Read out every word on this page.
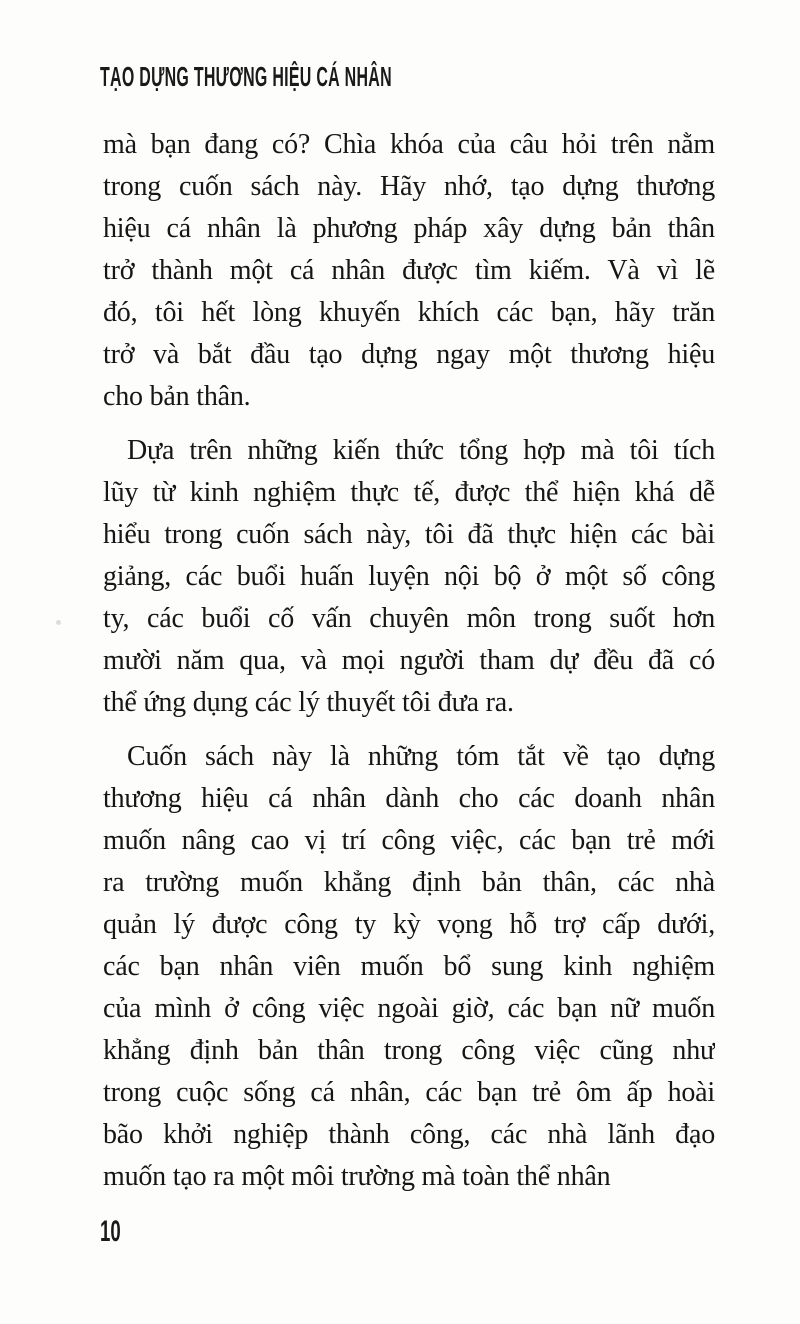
TẠO DỰNG THƯƠNG HIỆU CÁ NHÂN
mà bạn đang có? Chìa khóa của câu hỏi trên nằm
trong cuốn sách này. Hãy nhớ, tạo dựng thương
hiệu cá nhân là phương pháp xây dựng bản thân
trở thành một cá nhân được tìm kiếm. Và vì lẽ
đó, tôi hết lòng khuyến khích các bạn, hãy trăn
trở và bắt đầu tạo dựng ngay một thương hiệu
cho bản thân.
Dựa trên những kiến thức tổng hợp mà tôi tích
lũy từ kinh nghiệm thực tế, được thể hiện khá dễ
hiểu trong cuốn sách này, tôi đã thực hiện các bài
giảng, các buổi huấn luyện nội bộ ở một số công
ty, các buổi cố vấn chuyên môn trong suốt hơn
mười năm qua, và mọi người tham dự đều đã có
thể ứng dụng các lý thuyết tôi đưa ra.
Cuốn sách này là những tóm tắt về tạo dựng
thương hiệu cá nhân dành cho các doanh nhân
muốn nâng cao vị trí công việc, các bạn trẻ mới
ra trường muốn khẳng định bản thân, các nhà
quản lý được công ty kỳ vọng hỗ trợ cấp dưới,
các bạn nhân viên muốn bổ sung kinh nghiệm
của mình ở công việc ngoài giờ, các bạn nữ muốn
khẳng định bản thân trong công việc cũng như
trong cuộc sống cá nhân, các bạn trẻ ôm ấp hoài
bão khởi nghiệp thành công, các nhà lãnh đạo
muốn tạo ra một môi trường mà toàn thể nhân
10
